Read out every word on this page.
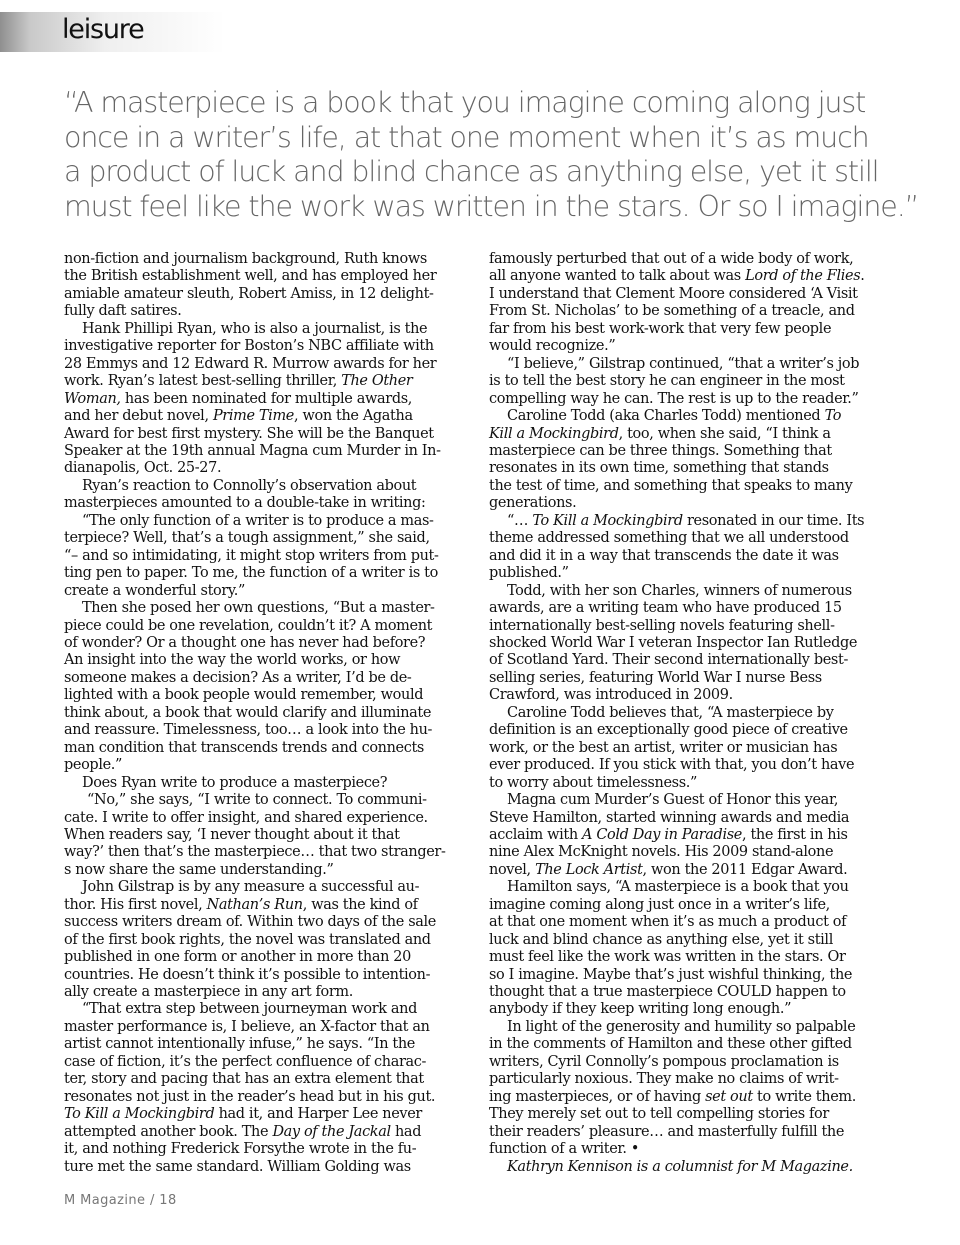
leisure

“A masterpiece is a book that you imagine coming along just

once in a writer’s life, at that one moment when it’s as much

a product of luck and blind chance as anything else, yet it still

must feel like the work was written in the stars. Or so I imagine.”

non-fiction and journalism background, Ruth knows

the British establishment well, and has employed her

amiable amateur sleuth, Robert Amiss, in 12 delight-

fully daft satires.

Hank Phillipi Ryan, who is also a journalist, is the

investigative reporter for Boston’s NBC affiliate with

28 Emmys and 12 Edward R. Murrow awards for her

work. Ryan’s latest best-selling thriller, The Other

Woman, has been nominated for multiple awards,

and her debut novel, Prime Time, won the Agatha

Award for best first mystery. She will be the Banquet

Speaker at the 19th annual Magna cum Murder in In-

dianapolis, Oct. 25-27.

Ryan’s reaction to Connolly’s observation about

masterpieces amounted to a double-take in writing:

“The only function of a writer is to produce a mas-

terpiece? Well, that’s a tough assignment,” she said,

“– and so intimidating, it might stop writers from put-

ting pen to paper. To me, the function of a writer is to

create a wonderful story.”

Then she posed her own questions, “But a master-

piece could be one revelation, couldn’t it? A moment

of wonder? Or a thought one has never had before?

An insight into the way the world works, or how

someone makes a decision? As a writer, I’d be de-

lighted with a book people would remember, would

think about, a book that would clarify and illuminate

and reassure. Timelessness, too… a look into the hu-

man condition that transcends trends and connects

people.”

Does Ryan write to produce a masterpiece?

“No,” she says, “I write to connect. To communi-

cate. I write to offer insight, and shared experience.

When readers say, ‘I never thought about it that

way?’ then that’s the masterpiece… that two stranger-

s now share the same understanding.”

John Gilstrap is by any measure a successful au-

thor. His first novel, Nathan’s Run, was the kind of

success writers dream of. Within two days of the sale

of the first book rights, the novel was translated and

published in one form or another in more than 20

countries. He doesn’t think it’s possible to intention-

ally create a masterpiece in any art form.

“That extra step between journeyman work and

master performance is, I believe, an X-factor that an

artist cannot intentionally infuse,” he says. “In the

case of fiction, it’s the perfect confluence of charac-

ter, story and pacing that has an extra element that

resonates not just in the reader’s head but in his gut.

To Kill a Mockingbird had it, and Harper Lee never

attempted another book. The Day of the Jackal had

it, and nothing Frederick Forsythe wrote in the fu-

ture met the same standard. William Golding was

famously perturbed that out of a wide body of work,

all anyone wanted to talk about was Lord of the Flies.

I understand that Clement Moore considered ‘A Visit

From St. Nicholas’ to be something of a treacle, and

far from his best work-work that very few people

would recognize.”

“I believe,” Gilstrap continued, “that a writer’s job

is to tell the best story he can engineer in the most

compelling way he can. The rest is up to the reader.”

Caroline Todd (aka Charles Todd) mentioned To

Kill a Mockingbird, too, when she said, “I think a

masterpiece can be three things. Something that

resonates in its own time, something that stands

the test of time, and something that speaks to many

generations.

“… To Kill a Mockingbird resonated in our time. Its

theme addressed something that we all understood

and did it in a way that transcends the date it was

published.”

Todd, with her son Charles, winners of numerous

awards, are a writing team who have produced 15

internationally best-selling novels featuring shell-

shocked World War I veteran Inspector Ian Rutledge

of Scotland Yard. Their second internationally best-

selling series, featuring World War I nurse Bess

Crawford, was introduced in 2009.

Caroline Todd believes that, “A masterpiece by

definition is an exceptionally good piece of creative

work, or the best an artist, writer or musician has

ever produced. If you stick with that, you don’t have

to worry about timelessness.”

Magna cum Murder’s Guest of Honor this year,

Steve Hamilton, started winning awards and media

acclaim with A Cold Day in Paradise, the first in his

nine Alex McKnight novels. His 2009 stand-alone

novel, The Lock Artist, won the 2011 Edgar Award.

Hamilton says, “A masterpiece is a book that you

imagine coming along just once in a writer’s life,

at that one moment when it’s as much a product of

luck and blind chance as anything else, yet it still

must feel like the work was written in the stars. Or

so I imagine. Maybe that’s just wishful thinking, the

thought that a true masterpiece COULD happen to

anybody if they keep writing long enough.”

In light of the generosity and humility so palpable

in the comments of Hamilton and these other gifted

writers, Cyril Connolly’s pompous proclamation is

particularly noxious. They make no claims of writ-

ing masterpieces, or of having set out to write them.

They merely set out to tell compelling stories for

their readers’ pleasure… and masterfully fulfill the

function of a writer. •

Kathryn Kennison is a columnist for M Magazine.

M Magazine / 18
